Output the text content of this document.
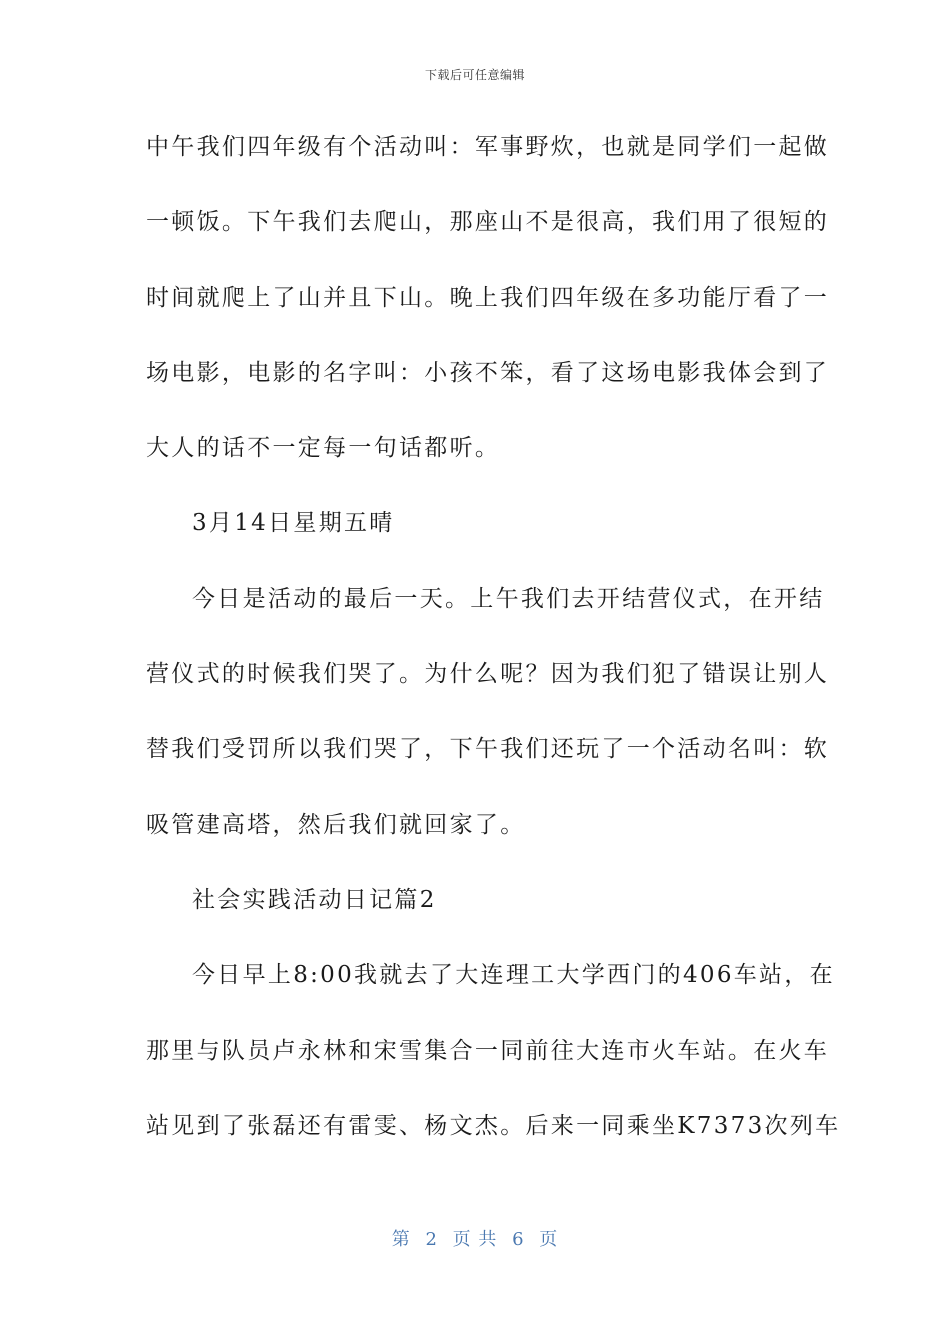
下载后可任意编辑
中午我们四年级有个活动叫：军事野炊，也就是同学们一起做
一顿饭。下午我们去爬山，那座山不是很高，我们用了很短的
时间就爬上了山并且下山。晚上我们四年级在多功能厅看了一
场电影，电影的名字叫：小孩不笨，看了这场电影我体会到了
大人的话不一定每一句话都听。
3月14日星期五晴
今日是活动的最后一天。上午我们去开结营仪式，在开结
营仪式的时候我们哭了。为什么呢？因为我们犯了错误让别人
替我们受罚所以我们哭了，下午我们还玩了一个活动名叫：软
吸管建高塔，然后我们就回家了。
社会实践活动日记篇2
今日早上8:00我就去了大连理工大学西门的406车站，在
那里与队员卢永林和宋雪集合一同前往大连市火车站。在火车
站见到了张磊还有雷雯、杨文杰。后来一同乘坐K7373次列车
第 2 页 共 6 页
